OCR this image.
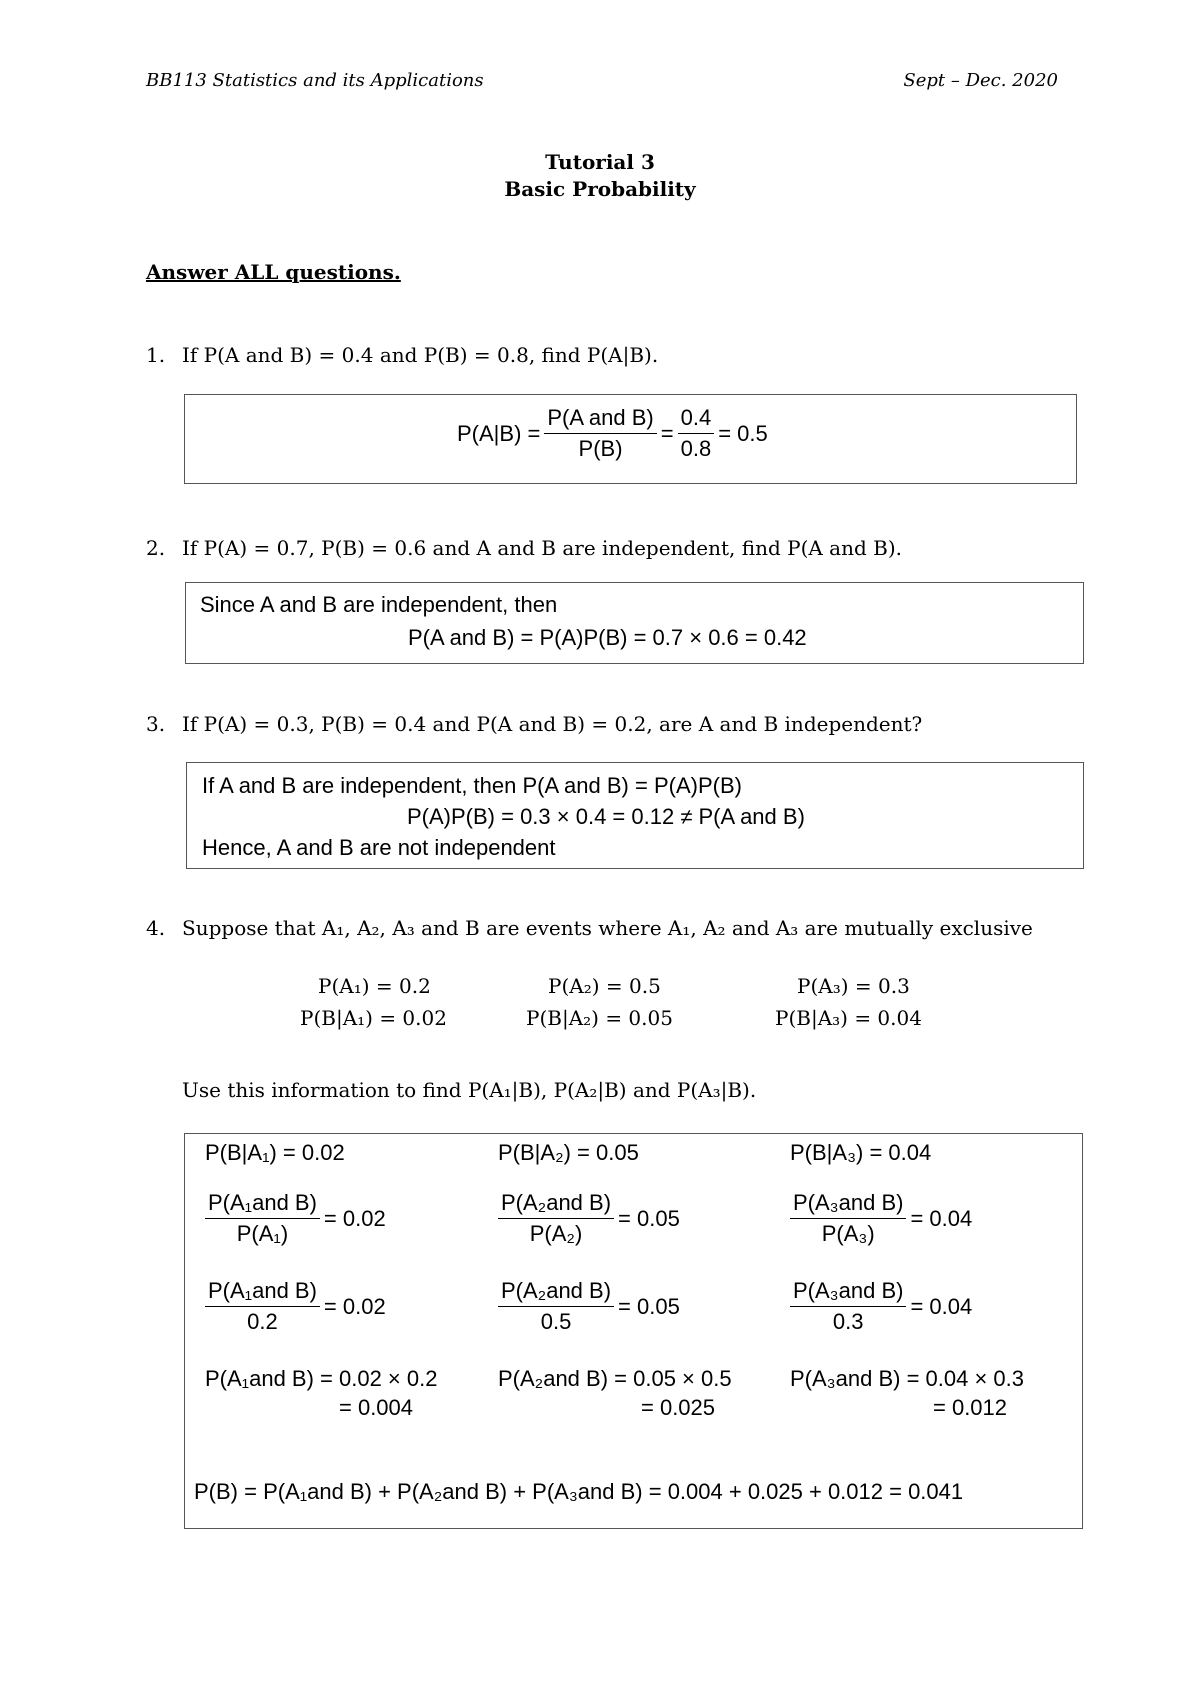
BB113 Statistics and its Applications	Sept – Dec. 2020
Tutorial 3
Basic Probability
Answer ALL questions.
1. If P(A and B) = 0.4 and P(B) = 0.8, find P(A|B).
$P(A|B) = \frac{\text{P(A and B)}}{P(B)} = \frac{0.4}{0.8} = 0.5$
2. If P(A) = 0.7, P(B) = 0.6 and A and B are independent, find P(A and B).
Since A and B are independent, then
P(A and B) = P(A)P(B) = 0.7 × 0.6 = 0.42
3. If P(A) = 0.3, P(B) = 0.4 and P(A and B) = 0.2, are A and B independent?
If A and B are independent, then P(A and B) = P(A)P(B)
P(A)P(B) = 0.3 × 0.4 = 0.12 ≠ P(A and B)
Hence, A and B are not independent
4. Suppose that A₁, A₂, A₃ and B are events where A₁, A₂ and A₃ are mutually exclusive
P(A₁) = 0.2	P(A₂) = 0.5	P(A₃) = 0.3
P(B|A₁) = 0.02	P(B|A₂) = 0.05	P(B|A₃) = 0.04
Use this information to find P(A₁|B), P(A₂|B) and P(A₃|B).
P(B|A₁) = 0.02	P(B|A₂) = 0.05	P(B|A₃) = 0.04
$\frac{\text{P(A₁and B)}}{\text{P(A₁)}} = 0.02$	$\frac{\text{P(A₂and B)}}{\text{P(A₂)}} = 0.05$	$\frac{\text{P(A₃and B)}}{\text{P(A₃)}} = 0.04$
$\frac{\text{P(A₁and B)}}{0.2} = 0.02$	$\frac{\text{P(A₂and B)}}{0.5} = 0.05$	$\frac{\text{P(A₃and B)}}{0.3} = 0.04$
P(A₁and B) = 0.02 × 0.2	P(A₂and B) = 0.05 × 0.5	P(A₃and B) = 0.04 × 0.3
= 0.004	= 0.025	= 0.012
P(B) = P(A₁and B) + P(A₂and B) + P(A₃and B) = 0.004 + 0.025 + 0.012 = 0.041
